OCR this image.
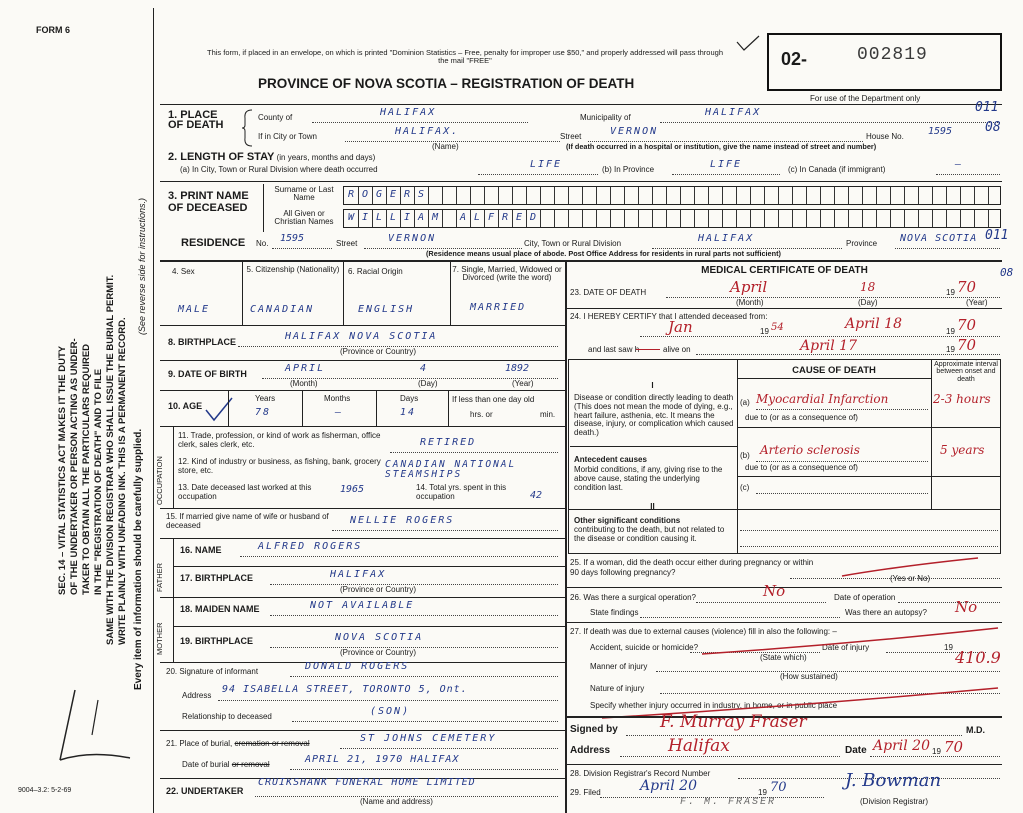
FORM 6
SEC. 14 – VITAL STATISTICS ACT MAKES IT THE DUTY OF THE UNDERTAKER OR PERSON ACTING AS UNDER- TAKER TO OBTAIN ALL THE PARTICULARS REQUIRED IN THE "REGISTRATION OF DEATH" AND TO FILE SAME WITH THE DIVISION REGISTRAR WHO SHALL ISSUE THE BURIAL PERMIT. WRITE PLAINLY WITH UNFADING INK. THIS IS A PERMANENT RECORD. Every item of information should be carefully supplied.
(See reverse side for instructions.)
9004–3.2: 5-2-69
This form, if placed in an envelope, on which is printed "Dominion Statistics – Free, penalty for improper use $50," and properly addressed will pass through the mail "FREE"
PROVINCE OF NOVA SCOTIA – REGISTRATION OF DEATH
02-	002819
For use of the Department only
1. PLACE OF DEATH
County of	HALIFAX	Municipality of	HALIFAX	011
If in City or Town	HALIFAX.
(Name)
Street	VERNON	House No. 1595	08
(If death occurred in a hospital or institution, give the name instead of street and number)
2. LENGTH OF STAY (in years, months and days)
(a) In City, Town or Rural Division where death occurred	LIFE	(b) In Province	LIFE	(c) In Canada (if immigrant)	—
3. PRINT NAME OF DECEASED
Surname or Last Name
All Given or Christian Names
R O G E R S
W I L L I A M A L F R E D
RESIDENCE No. 1595	Street	VERNON	City, Town or Rural Division	HALIFAX	Province NOVA SCOTIA 011
(Residence means usual place of abode. Post Office Address for residents in rural parts not sufficient)
4. Sex	5. Citizenship (Nationality) 6. Racial Origin	7. Single, Married, Widowed or Divorced (write the word)
MALE	CANADIAN	ENGLISH	MARRIED
8. BIRTHPLACE	HALIFAX NOVA SCOTIA
(Province or Country)
9. DATE OF BIRTH	APRIL	4	1892
(Month)	(Day)	(Year)
10. AGE
Years	Months	Days
78	—	14
If less than one day old
hrs. or	min.
OCCUPATION
11. Trade, profession, or kind of work as fisherman, office clerk, sales clerk, etc.	RETIRED
12. Kind of industry or business, as fishing, bank, grocery store, etc.
CANADIAN NATIONAL STEAMSHIPS
13. Date deceased last worked at this occupation
1965	14. Total yrs. spent in this occupation	42
15. If married give name of wife or husband of deceased	NELLIE ROGERS
FATHER
16. NAME	ALFRED ROGERS
17. BIRTHPLACE	HALIFAX
(Province or Country)
MOTHER
18. MAIDEN NAME	NOT AVAILABLE
19. BIRTHPLACE	NOVA SCOTIA
(Province or Country)
20. Signature of informant	DONALD ROGERS
Address
94 ISABELLA STREET, TORONTO 5, Ont.
Relationship to deceased	(SON)
21. Place of burial, cremation or removal	ST JOHNS CEMETERY
Date of burial or removal	APRIL 21, 1970 HALIFAX
22. UNDERTAKER
CRUIKSHANK FUNERAL HOME LIMITED
(Name and address)
MEDICAL CERTIFICATE OF DEATH
23. DATE OF DEATH	April	18	19 70
08
(Month)	(Day)	(Year)
24. I HEREBY CERTIFY that I attended deceased from:
Jan	19 54	April 18	19 70
and last saw h	alive on	April 17	19 70
CAUSE OF DEATH
Approximate interval between onset and death
I
Disease or condition directly leading to death (This does not mean the mode of dying, e.g., heart failure, asthenia, etc. It means the disease, injury, or complication which caused death.)
(a) Myocardial Infarction	2-3 hours
due to (or as a consequence of)
Antecedent causes
Morbid conditions, if any, giving rise to the above cause, stating the underlying condition last.
(b) Arterio sclerosis	5 years
due to (or as a consequence of)
(c)
II
Other significant conditions
contributing to the death, but not related to the disease or condition causing it.
25. If a woman, did the death occur either during pregnancy or within 90 days following pregnancy?
(Yes or No)
26. Was there a surgical operation?	No	Date of operation
State findings	Was there an autopsy? No
27. If death was due to external causes (violence) fill in also the following: –
Accident, suicide or homicide?
(State which)
Date of injury	19
Manner of injury	410.9
(How sustained)
Nature of injury
Specify whether injury occurred in industry, in home, or in public place
Signed by F. Murray Fraser	M.D.
Address	Halifax	Date April 20 19 70
28. Division Registrar's Record Number
29. Filed	April 20	19 70
F. M. FRASER
J. Bowman
(Division Registrar)
